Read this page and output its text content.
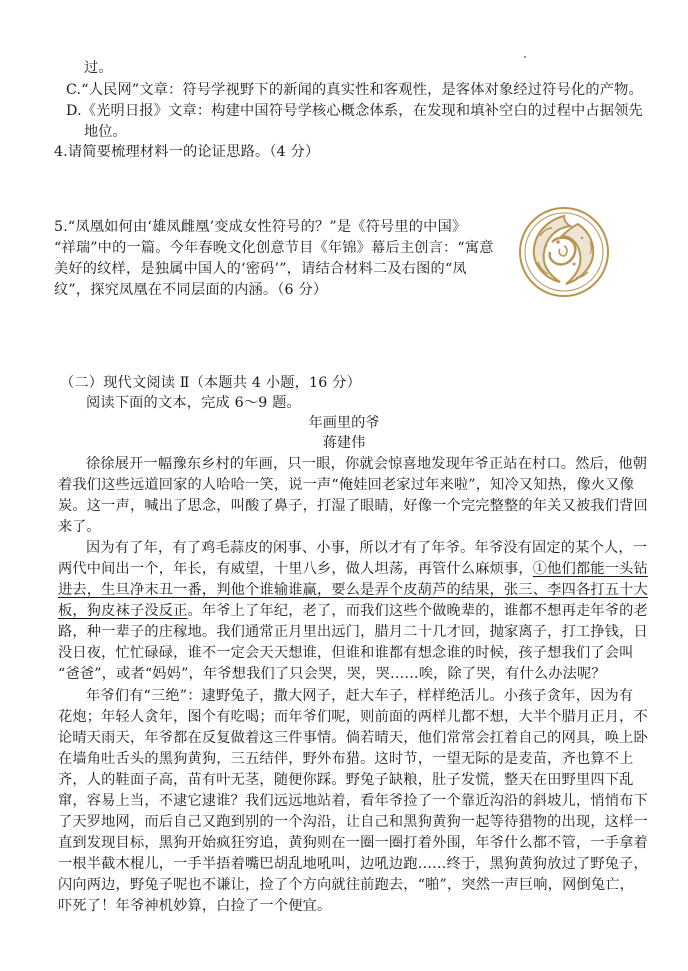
过。
C.“人民网”文章：符号学视野下的新闻的真实性和客观性，是客体对象经过符号化的产物。
D.《光明日报》文章：构建中国符号学核心概念体系，在发现和填补空白的过程中占据领先
地位。
4.请简要梳理材料一的论证思路。（4 分）
5.“凤凰如何由‘雄凤雌凰’变成女性符号的？”是《符号里的中国》
“祥瑞”中的一篇。今年春晚文化创意节目《年锦》幕后主创言：“寓意
美好的纹样，是独属中国人的‘密码’”，请结合材料二及右图的“凤
纹”，探究凤凰在不同层面的内涵。（6 分）
（二）现代文阅读 Ⅱ（本题共 4 小题，16 分）
阅读下面的文本，完成 6～9 题。
年画里的爷
蒋建伟
徐徐展开一幅豫东乡村的年画，只一眼，你就会惊喜地发现年爷正站在村口。然后，他朝
着我们这些远道回家的人哈哈一笑，说一声“俺娃回老家过年来啦”，知冷又知热，像火又像
炭。这一声，喊出了思念，叫酸了鼻子，打湿了眼睛，好像一个完完整整的年关又被我们背回
来了。
因为有了年，有了鸡毛蒜皮的闲事、小事，所以才有了年爷。年爷没有固定的某个人，一
两代中间出一个，年长，有威望，十里八乡，做人坦荡，再管什么麻烦事，①他们都能一头钻
进去，生旦净末丑一番，判他个谁输谁赢，要么是弄个皮葫芦的结果，张三、李四各打五十大
板，狗皮袜子没反正。年爷上了年纪，老了，而我们这些个做晚辈的，谁都不想再走年爷的老
路，种一辈子的庄稼地。我们通常正月里出远门，腊月二十几才回，抛家离子，打工挣钱，日
没日夜，忙忙碌碌，谁不一定会天天想谁，但谁和谁都有想念谁的时候，孩子想我们了会叫
“爸爸”，或者“妈妈”，年爷想我们了只会哭，哭，哭……唉，除了哭，有什么办法呢？
年爷们有“三绝”：逮野兔子，撒大网子，赶大车子，样样绝活儿。小孩子贪年，因为有
花炮；年轻人贪年，图个有吃喝；而年爷们呢，则前面的两样儿都不想，大半个腊月正月，不
论晴天雨天，年爷都在反复做着这三件事情。倘若晴天，他们常常会扛着自己的网具，唤上卧
在墙角吐舌头的黑狗黄狗，三五结伴，野外布猎。这时节，一望无际的是麦苗，齐也算不上
齐，人的鞋面子高，苗有叶无茎，随便你踩。野兔子缺粮，肚子发慌，整天在田野里四下乱
窜，容易上当，不逮它逮谁？我们远远地站着，看年爷捡了一个靠近沟沿的斜坡儿，悄悄布下
了天罗地网，而后自己又跑到别的一个沟沿，让自己和黑狗黄狗一起等待猎物的出现，这样一
直到发现目标，黑狗开始疯狂穷追，黄狗则在一圈一圈打着外围，年爷什么都不管，一手拿着
一根半截木棍儿，一手半捂着嘴巴胡乱地吼叫，边吼边跑……终于，黑狗黄狗放过了野兔子，
闪向两边，野兔子呢也不谦让，捡了个方向就往前跑去，“啪”，突然一声巨响，网倒兔亡，
吓死了！年爷神机妙算，白捡了一个便宜。
